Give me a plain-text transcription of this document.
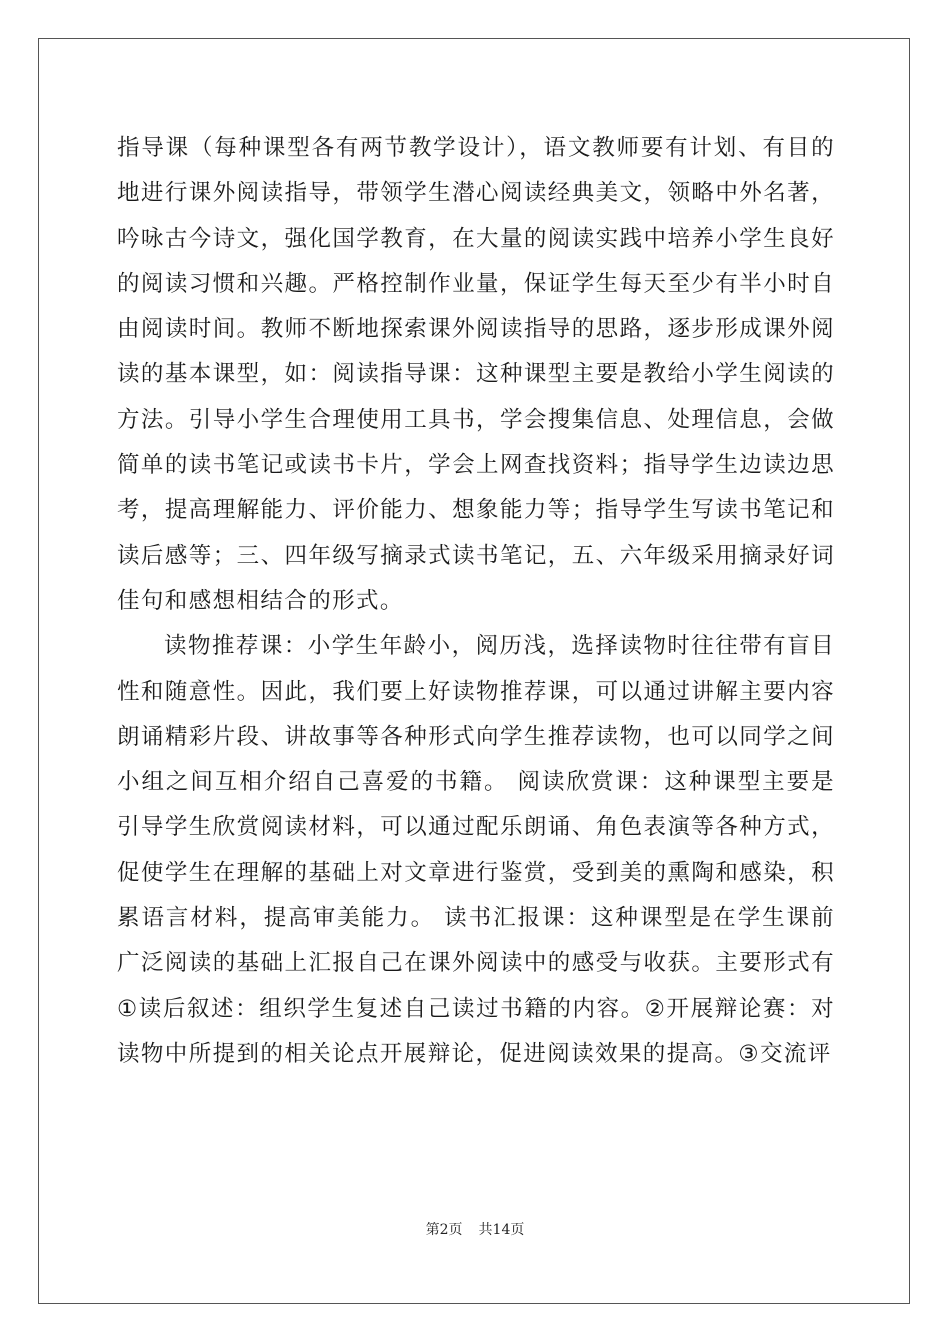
指导课（每种课型各有两节教学设计），语文教师要有计划、有目的地进行课外阅读指导，带领学生潜心阅读经典美文，领略中外名著，吟咏古今诗文，强化国学教育，在大量的阅读实践中培养小学生良好的阅读习惯和兴趣。严格控制作业量，保证学生每天至少有半小时自由阅读时间。教师不断地探索课外阅读指导的思路，逐步形成课外阅读的基本课型，如：阅读指导课：这种课型主要是教给小学生阅读的方法。引导小学生合理使用工具书，学会搜集信息、处理信息，会做简单的读书笔记或读书卡片，学会上网查找资料；指导学生边读边思考，提高理解能力、评价能力、想象能力等；指导学生写读书笔记和读后感等；三、四年级写摘录式读书笔记，五、六年级采用摘录好词佳句和感想相结合的形式。

读物推荐课：小学生年龄小，阅历浅，选择读物时往往带有盲目性和随意性。因此，我们要上好读物推荐课，可以通过讲解主要内容朗诵精彩片段、讲故事等各种形式向学生推荐读物，也可以同学之间小组之间互相介绍自己喜爱的书籍。 阅读欣赏课：这种课型主要是引导学生欣赏阅读材料，可以通过配乐朗诵、角色表演等各种方式，促使学生在理解的基础上对文章进行鉴赏，受到美的熏陶和感染，积累语言材料，提高审美能力。 读书汇报课：这种课型是在学生课前广泛阅读的基础上汇报自己在课外阅读中的感受与收获。主要形式有①读后叙述：组织学生复述自己读过书籍的内容。②开展辩论赛：对读物中所提到的相关论点开展辩论，促进阅读效果的提高。③交流评

第2页 共14页
